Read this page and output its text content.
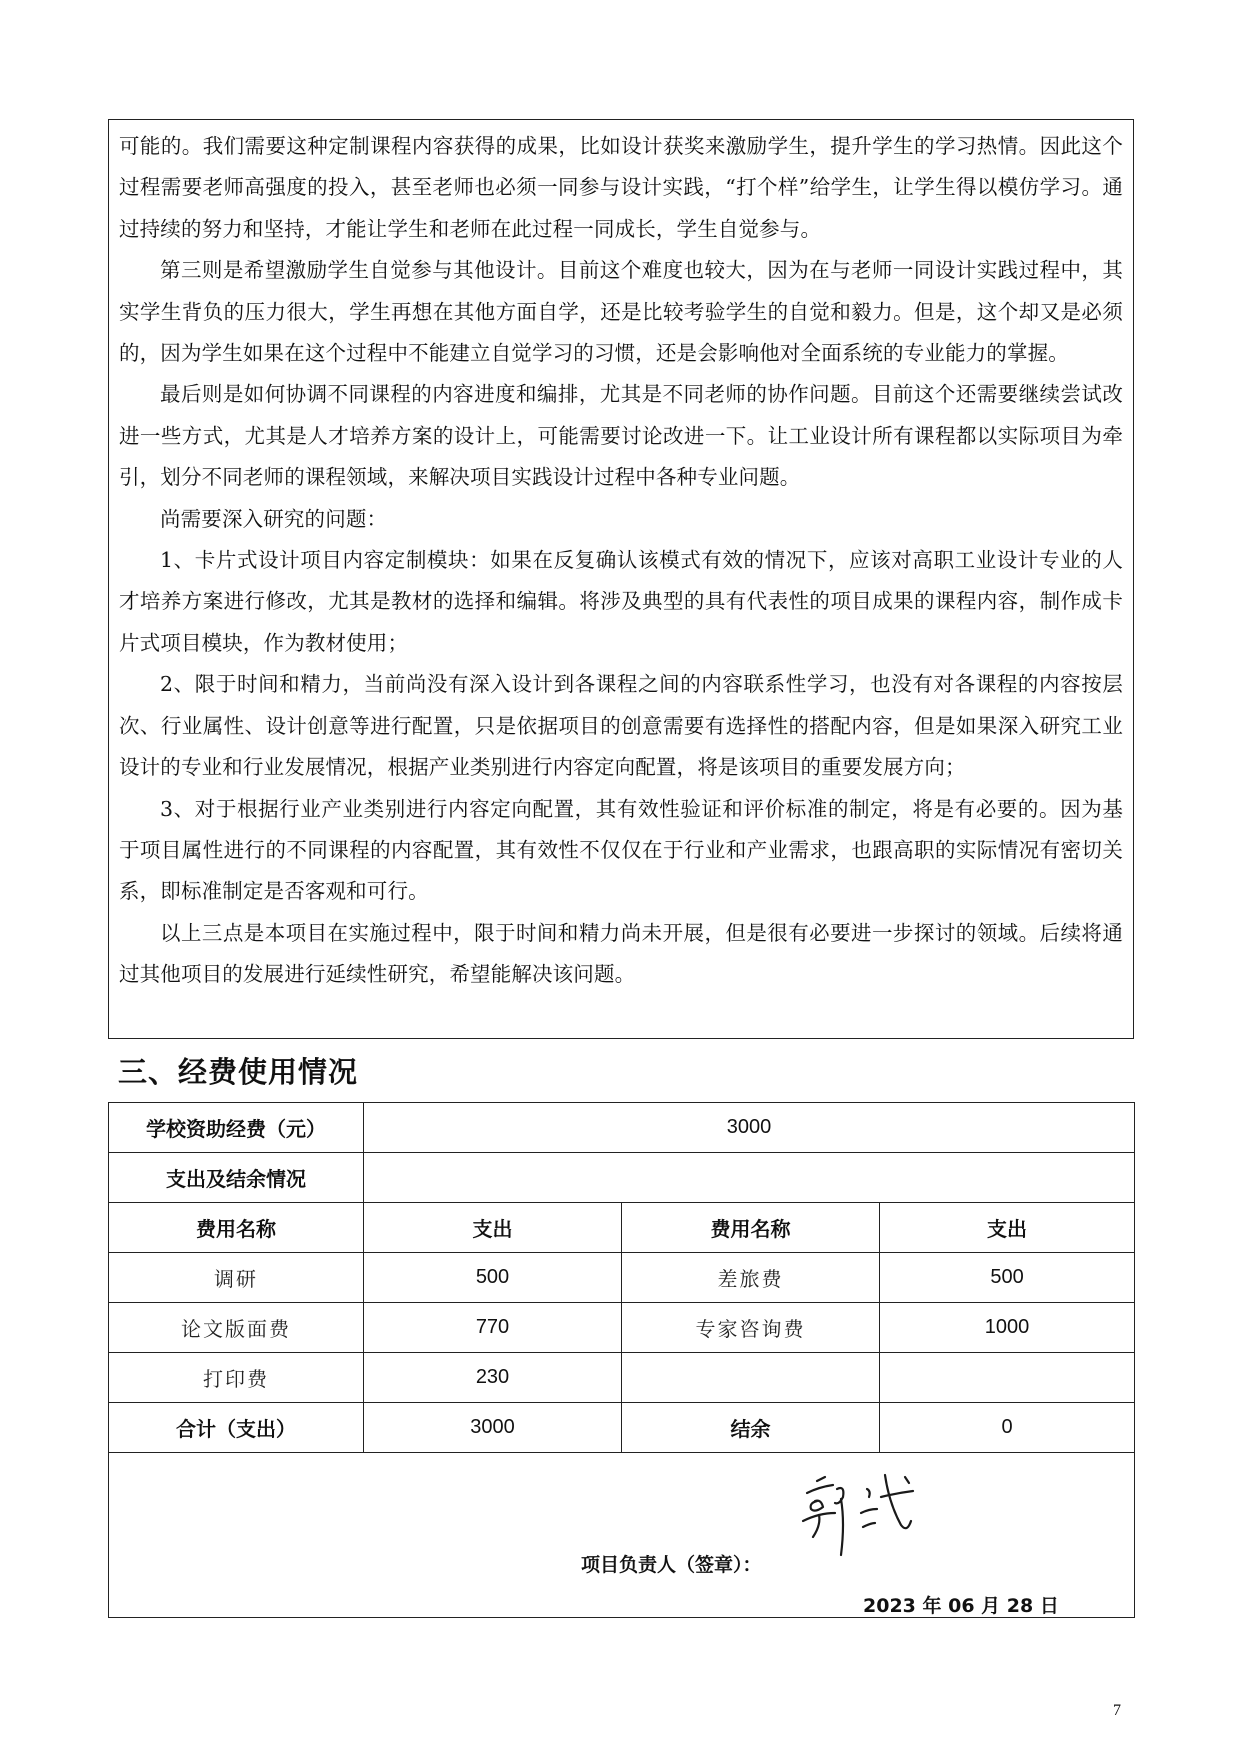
可能的。我们需要这种定制课程内容获得的成果，比如设计获奖来激励学生，提升学生的学习热情。因此这个过程需要老师高强度的投入，甚至老师也必须一同参与设计实践，“打个样”给学生，让学生得以模仿学习。通过持续的努力和坚持，才能让学生和老师在此过程一同成长，学生自觉参与。

第三则是希望激励学生自觉参与其他设计。目前这个难度也较大，因为在与老师一同设计实践过程中，其实学生背负的压力很大，学生再想在其他方面自学，还是比较考验学生的自觉和毅力。但是，这个却又是必须的，因为学生如果在这个过程中不能建立自觉学习的习惯，还是会影响他对全面系统的专业能力的掌握。

最后则是如何协调不同课程的内容进度和编排，尤其是不同老师的协作问题。目前这个还需要继续尝试改进一些方式，尤其是人才培养方案的设计上，可能需要讨论改进一下。让工业设计所有课程都以实际项目为牵引，划分不同老师的课程领域，来解决项目实践设计过程中各种专业问题。

尚需要深入研究的问题：

1、卡片式设计项目内容定制模块：如果在反复确认该模式有效的情况下，应该对高职工业设计专业的人才培养方案进行修改，尤其是教材的选择和编辑。将涉及典型的具有代表性的项目成果的课程内容，制作成卡片式项目模块，作为教材使用；

2、限于时间和精力，当前尚没有深入设计到各课程之间的内容联系性学习，也没有对各课程的内容按层次、行业属性、设计创意等进行配置，只是依据项目的创意需要有选择性的搭配内容，但是如果深入研究工业设计的专业和行业发展情况，根据产业类别进行内容定向配置，将是该项目的重要发展方向；

3、对于根据行业产业类别进行内容定向配置，其有效性验证和评价标准的制定，将是有必要的。因为基于项目属性进行的不同课程的内容配置，其有效性不仅仅在于行业和产业需求，也跟高职的实际情况有密切关系，即标准制定是否客观和可行。

以上三点是本项目在实施过程中，限于时间和精力尚未开展，但是很有必要进一步探讨的领域。后续将通过其他项目的发展进行延续性研究，希望能解决该问题。

三、经费使用情况
学校资助经费（元）	3000		
支出及结余情况			
费用名称	支出	费用名称	支出
调研	500	差旅费	500
论文版面费	770	专家咨询费	1000
打印费	230		
合计（支出）	3000	结余	0

项目负责人（签章）：
2023 年 06 月 28 日			
7
